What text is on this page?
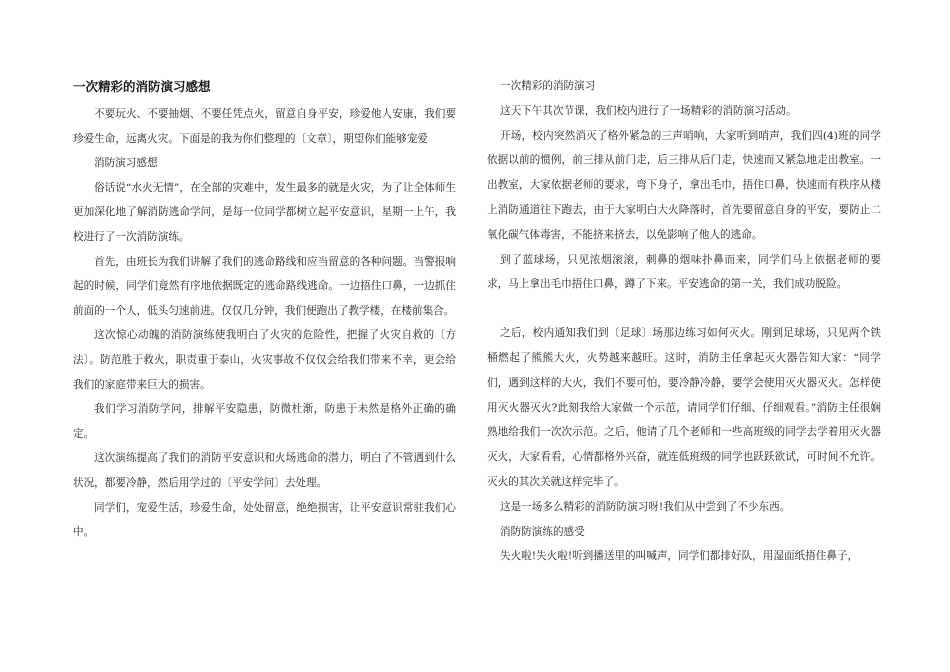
一次精彩的消防演习感想

不要玩火、不要抽烟、不要任凭点火，留意自身平安，珍爱他人安康，我们要珍爱生命，远离火灾。下面是的我为你们整理的〔文章〕，期望你们能够宠爱

消防演习感想

俗话说“水火无情”，在全部的灾难中，发生最多的就是火灾，为了让全体师生更加深化地了解消防逃命学问，是每一位同学都树立起平安意识，星期一上午，我校进行了一次消防演练。

首先，由班长为我们讲解了我们的逃命路线和应当留意的各种问题。当警报响起的时候，同学们竟然有序地依据既定的逃命路线逃命。一边捂住口鼻，一边抓住前面的一个人，低头匀速前进。仅仅几分钟，我们便跑出了教学楼，在楼前集合。

这次惊心动魄的消防演练使我明白了火灾的危险性，把握了火灾自救的〔方法〕。防范胜于救火，职责重于泰山，火灾事故不仅仅会给我们带来不幸，更会给我们的家庭带来巨大的损害。

我们学习消防学问，排解平安隐患，防微杜渐，防患于未然是格外正确的确定。

这次演练提高了我们的消防平安意识和火场逃命的潜力，明白了不管遇到什么状况，都要冷静，然后用学过的〔平安学问〕去处理。

同学们，宠爱生活，珍爱生命，处处留意，绝绝损害，让平安意识常驻我们心中。

一次精彩的消防演习

这天下午其次节课，我们校内进行了一场精彩的消防演习活动。

开场，校内突然消灭了格外紧急的三声哨响，大家听到哨声，我们四(4)班的同学依据以前的惯例，前三排从前门走，后三排从后门走，快速而又紧急地走出教室。一出教室，大家依据老师的要求，弯下身子，拿出毛巾，捂住口鼻，快速而有秩序从楼上消防通道往下跑去，由于大家明白大火降落时，首先要留意自身的平安，要防止二氧化碳气体毒害，不能挤来挤去，以免影响了他人的逃命。

到了蓝球场，只见浓烟滚滚，刺鼻的烟味扑鼻而来，同学们马上依据老师的要求，马上拿出毛巾捂住口鼻，蹲了下来。平安逃命的第一关，我们成功脱险。

之后，校内通知我们到〔足球〕场那边练习如何灭火。刚到足球场，只见两个铁桶燃起了熊熊大火，火势越来越旺。这时，消防主任拿起灭火器告知大家：“同学们，遇到这样的大火，我们不要可怕，要冷静冷静，要学会使用灭火器灭火。怎样使用灭火器灭火?此刻我给大家做一个示范，请同学们仔细、仔细观看。”消防主任很娴熟地给我们一次次示范。之后，他请了几个老师和一些高班级的同学去学着用灭火器灭火，大家看看，心情都格外兴奋，就连低班级的同学也跃跃欲试，可时间不允许。灭火的其次关就这样完毕了。

这是一场多么精彩的消防防演习呀!我们从中尝到了不少东西。

消防防演练的感受

失火啦!失火啦!听到播送里的叫喊声，同学们都排好队，用湿面纸捂住鼻子，
